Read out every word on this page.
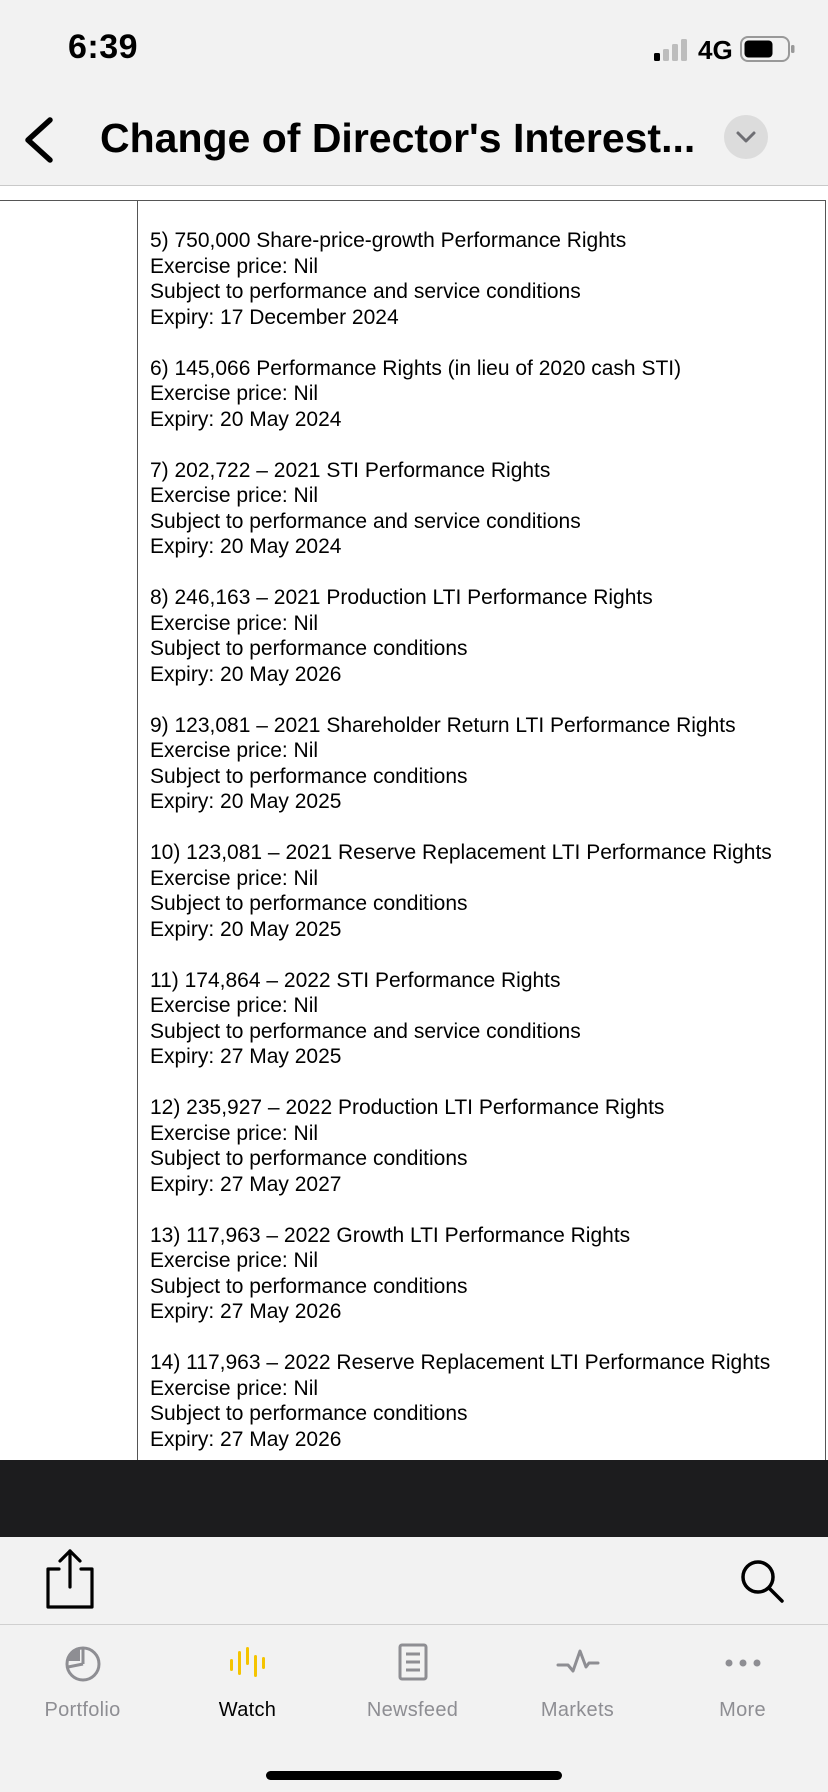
6:39	4G
Change of Director's Interest...
5) 750,000 Share-price-growth Performance Rights
Exercise price: Nil
Subject to performance and service conditions
Expiry: 17 December 2024
6) 145,066 Performance Rights (in lieu of 2020 cash STI)
Exercise price: Nil
Expiry: 20 May 2024
7) 202,722 – 2021 STI Performance Rights
Exercise price: Nil
Subject to performance and service conditions
Expiry: 20 May 2024
8) 246,163 – 2021 Production LTI Performance Rights
Exercise price: Nil
Subject to performance conditions
Expiry: 20 May 2026
9) 123,081 – 2021 Shareholder Return LTI Performance Rights
Exercise price: Nil
Subject to performance conditions
Expiry: 20 May 2025
10) 123,081 – 2021 Reserve Replacement LTI Performance Rights
Exercise price: Nil
Subject to performance conditions
Expiry: 20 May 2025
11) 174,864 – 2022 STI Performance Rights
Exercise price: Nil
Subject to performance and service conditions
Expiry: 27 May 2025
12) 235,927 – 2022 Production LTI Performance Rights
Exercise price: Nil
Subject to performance conditions
Expiry: 27 May 2027
13) 117,963 – 2022 Growth LTI Performance Rights
Exercise price: Nil
Subject to performance conditions
Expiry: 27 May 2026
14) 117,963 – 2022 Reserve Replacement LTI Performance Rights
Exercise price: Nil
Subject to performance conditions
Expiry: 27 May 2026
Portfolio	Watch	Newsfeed	Markets	More
